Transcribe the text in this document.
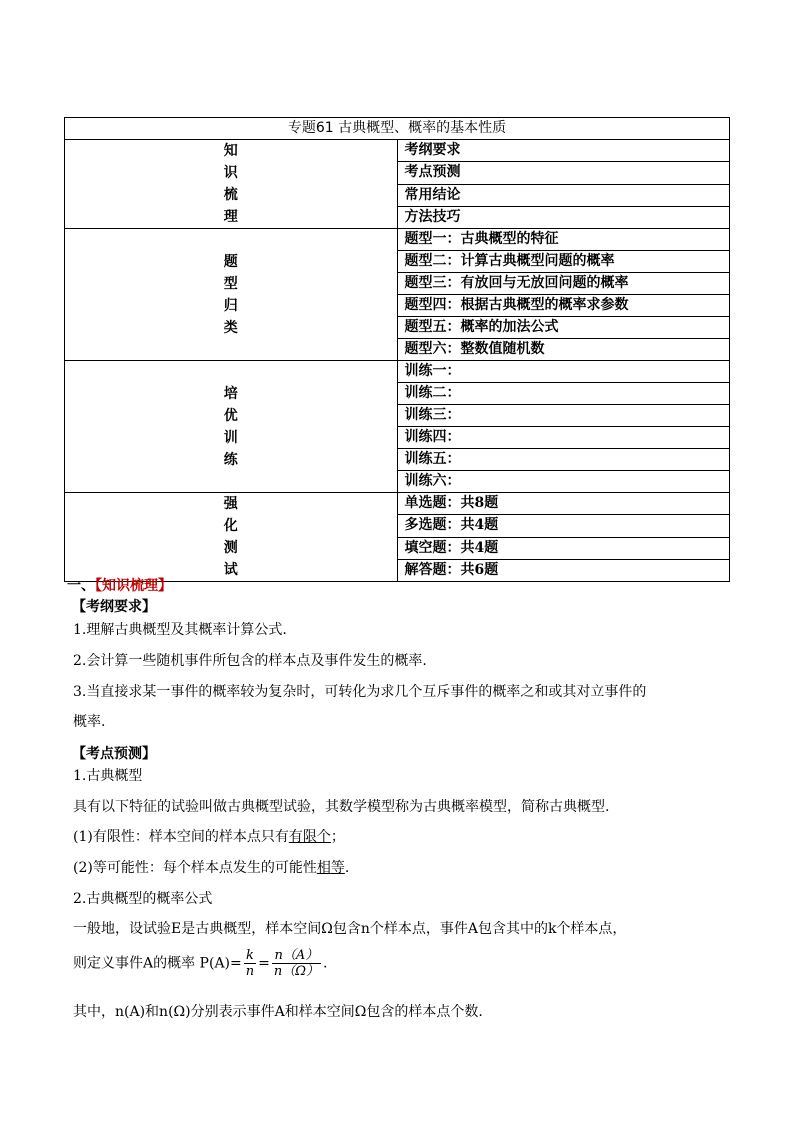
专题61 古典概型、概率的基本性质	

知
识
梳
理	考纲要求
	考点预测
	常用结论
	方法技巧

题
型
归
类	题型一：古典概型的特征
	题型二：计算古典概型问题的概率
	题型三：有放回与无放回问题的概率
	题型四：根据古典概型的概率求参数
	题型五：概率的加法公式
	题型六：整数值随机数

培
优
训
练	训练一：
	训练二：
	训练三：
	训练四：
	训练五：
	训练六：

强
化
测
试	单选题：共8题
	多选题：共4题
	填空题：共4题
	解答题：共6题
一、【知识梳理】
【考纲要求】
1.理解古典概型及其概率计算公式.
2.会计算一些随机事件所包含的样本点及事件发生的概率.
3.当直接求某一事件的概率较为复杂时，可转化为求几个互斥事件的概率之和或其对立事件的
概率.
【考点预测】
1.古典概型
具有以下特征的试验叫做古典概型试验，其数学模型称为古典概率模型，简称古典概型.
(1)有限性：样本空间的样本点只有有限个；
(2)等可能性：每个样本点发生的可能性相等.
2.古典概型的概率公式
一般地，设试验E是古典概型，样本空间Ω包含n个样本点，事件A包含其中的k个样本点，
则定义事件A的概率 $P(A)= \frac{k}{n} = \frac{n(A)}{n(\Omega)}$ .
其中，n(A)和n(Ω)分别表示事件A和样本空间Ω包含的样本点个数.
